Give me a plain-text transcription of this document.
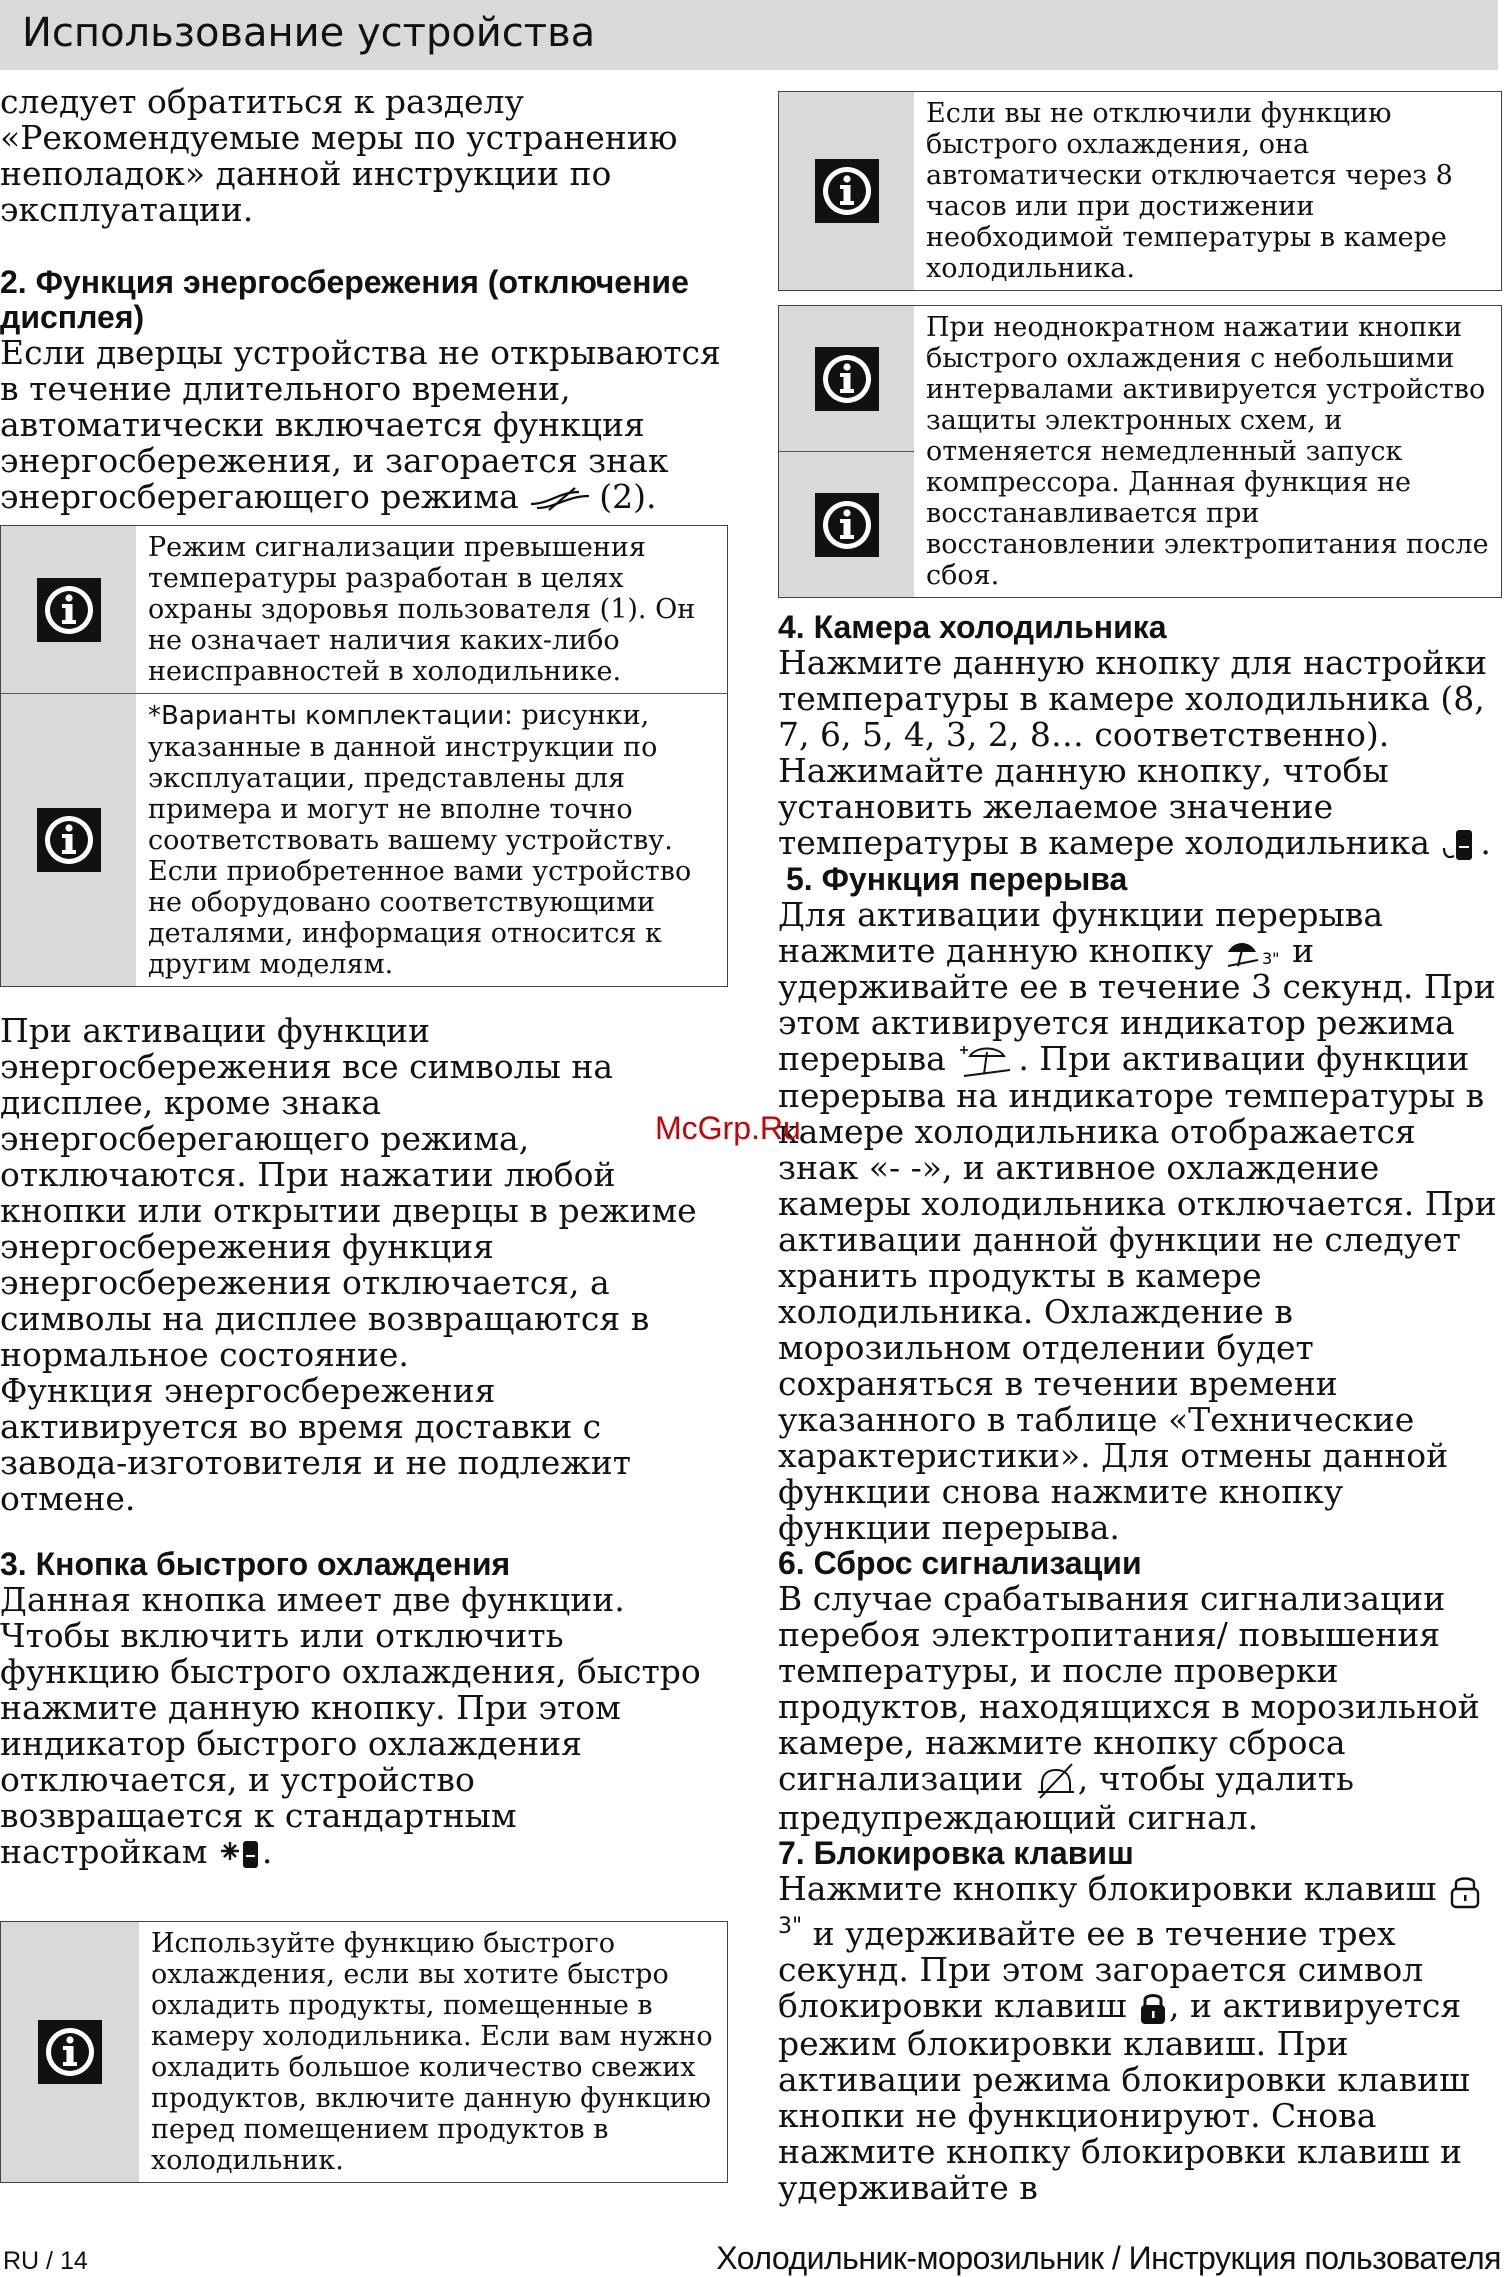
Использование устройства

следует обратиться к разделу «Рекомендуемые меры по устранению неполадок» данной инструкции по эксплуатации.

2. Функция энергосбережения (отключение дисплея)

Если дверцы устройства не открываются в течение длительного времени, автоматически включается функция энергосбережения, и загорается знак энергосберегающего режима (2).

Режим сигнализации превышения температуры разработан в целях охраны здоровья пользователя (1). Он не означает наличия каких-либо неисправностей в холодильнике.
*Варианты комплектации: рисунки, указанные в данной инструкции по эксплуатации, представлены для примера и могут не вполне точно соответствовать вашему устройству. Если приобретенное вами устройство не оборудовано соответствующими деталями, информация относится к другим моделям.

При активации функции энергосбережения все символы на дисплее, кроме знака энергосберегающего режима, отключаются. При нажатии любой кнопки или открытии дверцы в режиме энергосбережения функция энергосбережения отключается, а символы на дисплее возвращаются в нормальное состояние.

Функция энергосбережения активируется во время доставки с завода-изготовителя и не подлежит отмене.

3. Кнопка быстрого охлаждения

Данная кнопка имеет две функции. Чтобы включить или отключить функцию быстрого охлаждения, быстро нажмите данную кнопку. При этом индикатор быстрого охлаждения отключается, и устройство возвращается к стандартным настройкам .

Используйте функцию быстрого охлаждения, если вы хотите быстро охладить продукты, помещенные в камеру холодильника. Если вам нужно охладить большое количество свежих продуктов, включите данную функцию перед помещением продуктов в холодильник.
Если вы не отключили функцию быстрого охлаждения, она автоматически отключается через 8 часов или при достижении необходимой температуры в камере холодильника.
При неоднократном нажатии кнопки быстрого охлаждения с небольшими интервалами активируется устройство защиты электронных схем, и отменяется немедленный запуск компрессора. Данная функция не восстанавливается при восстановлении электропитания после сбоя.

4. Камера холодильника

Нажмите данную кнопку для настройки температуры в камере холодильника (8, 7, 6, 5, 4, 3, 2, 8… соответственно). Нажимайте данную кнопку, чтобы установить желаемое значение температуры в камере холодильника .

5. Функция перерыва

Для активации функции перерыва нажмите данную кнопку	3" и удерживайте ее в течение 3 секунд. При этом активируется индикатор режима перерыва . При активации функции перерыва на индикаторе температуры в камере холодильника отображается знак «- -», и активное охлаждение камеры холодильника отключается. При активации данной функции не следует хранить продукты в камере холодильника. Охлаждение в морозильном отделении будет сохраняться в течении времени указанного в таблице «Технические характеристики». Для отмены данной функции снова нажмите кнопку функции перерыва.

6. Сброс сигнализации

В случае срабатывания сигнализации перебоя электропитания/ повышения температуры, и после проверки продуктов, находящихся в морозильной камере, нажмите кнопку сброса сигнализации , чтобы удалить предупреждающий сигнал.

7. Блокировка клавиш

Нажмите кнопку блокировки клавиш $^{3"}$ и удерживайте ее в течение трех секунд. При этом загорается символ блокировки клавиш , и активируется режим блокировки клавиш. При активации режима блокировки клавиш кнопки не функционируют. Снова нажмите кнопку блокировки клавиш и удерживайте в

McGrp.Ru
RU / 14	Холодильник-морозильник / Инструкция пользователя
